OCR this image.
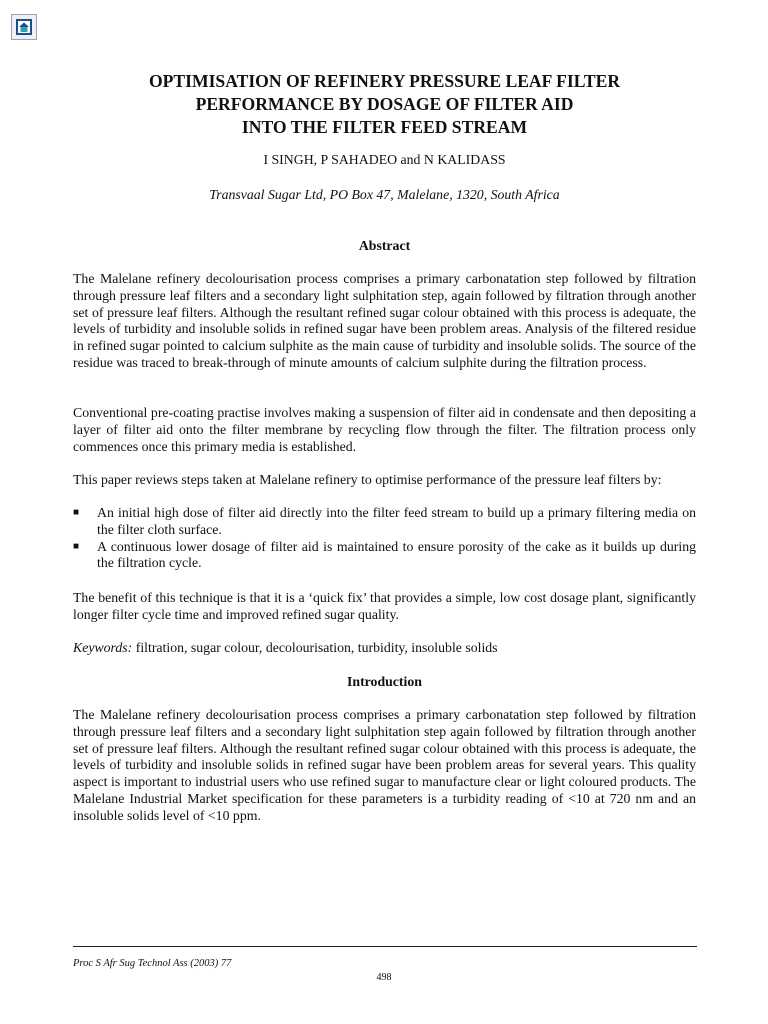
OPTIMISATION OF REFINERY PRESSURE LEAF FILTER
PERFORMANCE BY DOSAGE OF FILTER AID
INTO THE FILTER FEED STREAM

I SINGH, P SAHADEO and N KALIDASS

Transvaal Sugar Ltd, PO Box 47, Malelane, 1320, South Africa

Abstract

The Malelane refinery decolourisation process comprises a primary carbonatation step followed by filtration through pressure leaf filters and a secondary light sulphitation step, again followed by filtration through another set of pressure leaf filters. Although the resultant refined sugar colour obtained with this process is adequate, the levels of turbidity and insoluble solids in refined sugar have been problem areas. Analysis of the filtered residue in refined sugar pointed to calcium sulphite as the main cause of turbidity and insoluble solids. The source of the residue was traced to break-through of minute amounts of calcium sulphite during the filtration process.

Conventional pre-coating practise involves making a suspension of filter aid in condensate and then depositing a layer of filter aid onto the filter membrane by recycling flow through the filter. The filtration process only commences once this primary media is established.

This paper reviews steps taken at Malelane refinery to optimise performance of the pressure leaf filters by:

■ An initial high dose of filter aid directly into the filter feed stream to build up a primary filtering media on the filter cloth surface.
■ A continuous lower dosage of filter aid is maintained to ensure porosity of the cake as it builds up during the filtration cycle.

The benefit of this technique is that it is a ‘quick fix’ that provides a simple, low cost dosage plant, significantly longer filter cycle time and improved refined sugar quality.

Keywords: filtration, sugar colour, decolourisation, turbidity, insoluble solids

Introduction

The Malelane refinery decolourisation process comprises a primary carbonatation step followed by filtration through pressure leaf filters and a secondary light sulphitation step again followed by filtration through another set of pressure leaf filters. Although the resultant refined sugar colour obtained with this process is adequate, the levels of turbidity and insoluble solids in refined sugar have been problem areas for several years. This quality aspect is important to industrial users who use refined sugar to manufacture clear or light coloured products. The Malelane Industrial Market specification for these parameters is a turbidity reading of <10 at 720 nm and an insoluble solids level of <10 ppm.

Proc S Afr Sug Technol Ass (2003) 77
498
